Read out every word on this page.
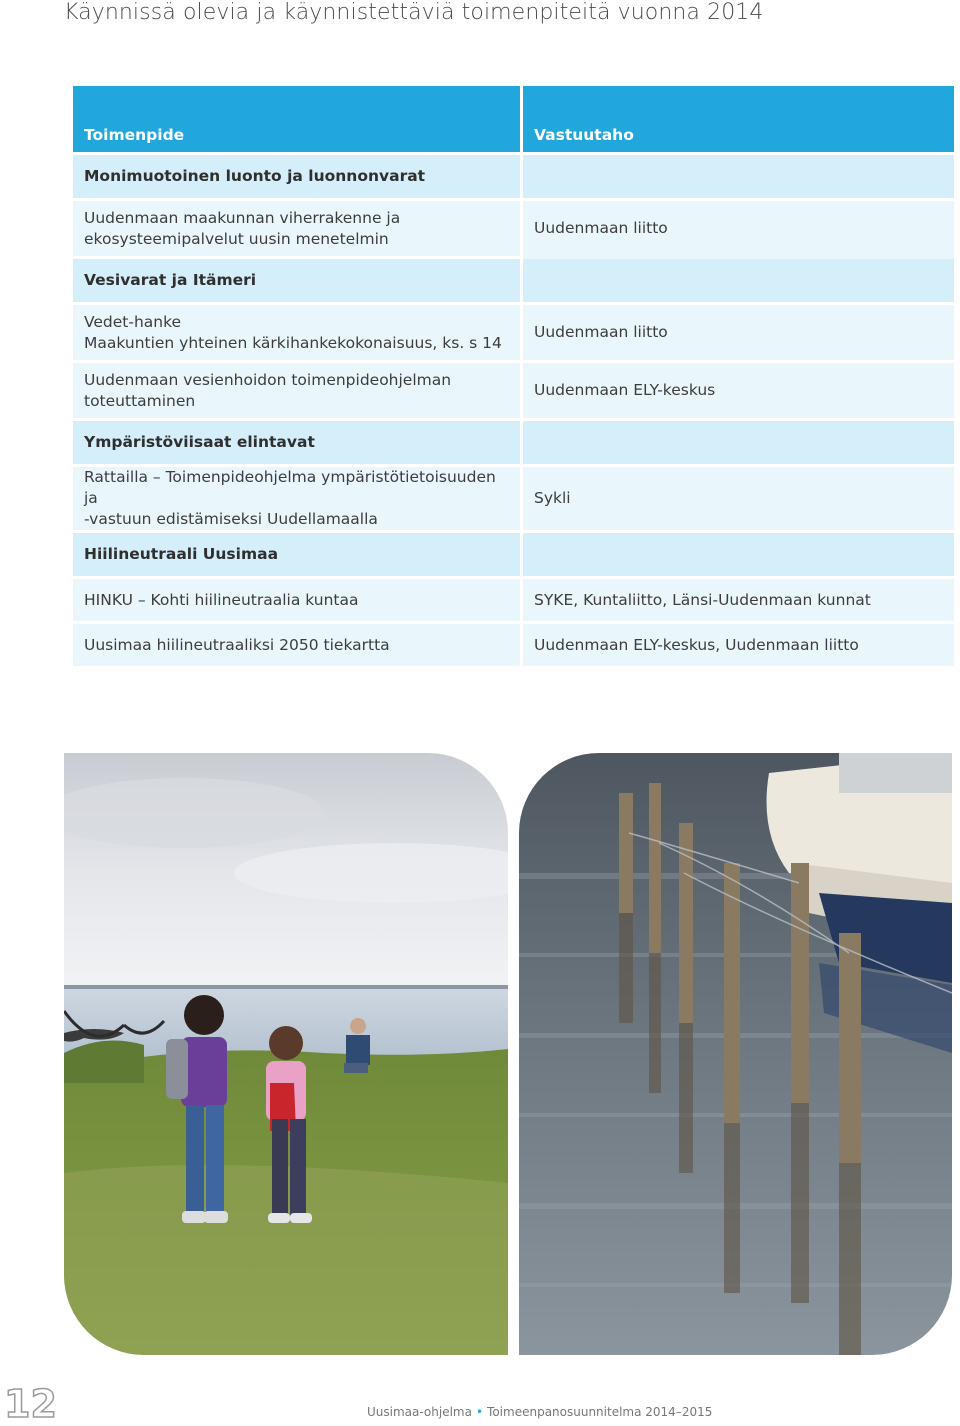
Käynnissä olevia ja käynnistettäviä toimenpiteitä vuonna 2014
Toimenpide	Vastuutaho

Monimuotoinen luonto ja luonnonvarat	

Uudenmaan maakunnan viherrakenne ja
ekosysteemipalvelut uusin menetelmin	Uudenmaan liitto

Vesivarat ja Itämeri	

Vedet-hanke
Maakuntien yhteinen kärkihankekokonaisuus, ks. s 14	Uudenmaan liitto

Uudenmaan vesienhoidon toimenpideohjelman
toteuttaminen	Uudenmaan ELY-keskus

Ympäristöviisaat elintavat	

Rattailla – Toimenpideohjelma ympäristötietoisuuden ja
-vastuun edistämiseksi Uudellamaalla	Sykli

Hiilineutraali Uusimaa	

HINKU – Kohti hiilineutraalia kuntaa	SYKE, Kuntaliitto, Länsi-Uudenmaan kunnat

Uusimaa hiilineutraaliksi 2050 tiekartta	Uudenmaan ELY-keskus, Uudenmaan liitto
12	Uusimaa-ohjelma • Toimeenpanosuunnitelma 2014–2015
